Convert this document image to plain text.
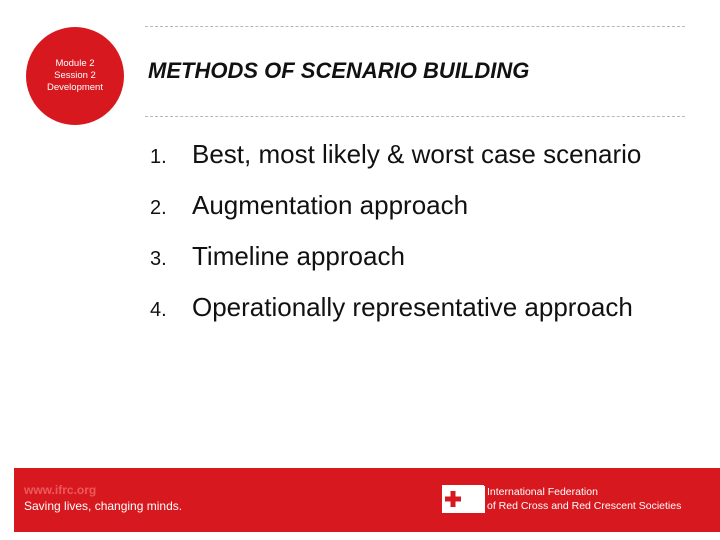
Module 2
Session 2
Development
METHODS OF SCENARIO BUILDING
1. Best, most likely & worst case scenario
2. Augmentation approach
3. Timeline approach
4. Operationally representative approach
www.ifrc.org
Saving lives, changing minds.
International Federation
of Red Cross and Red Crescent Societies
